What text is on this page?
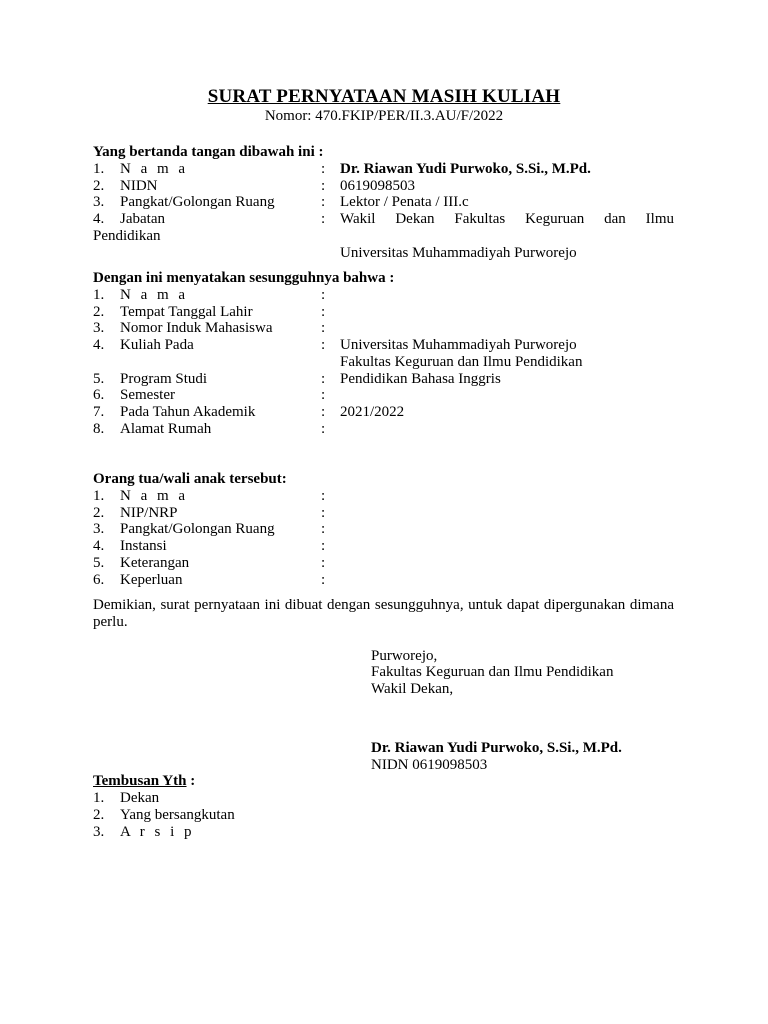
SURAT PERNYATAAN MASIH KULIAH
Nomor: 470.FKIP/PER/II.3.AU/F/2022
Yang bertanda tangan dibawah ini :
1. N a m a	: Dr. Riawan Yudi Purwoko, S.Si., M.Pd.
2. NIDN	: 0619098503
3. Pangkat/Golongan Ruang	: Lektor / Penata / III.c
4. Jabatan	: Wakil Dekan Fakultas Keguruan dan Ilmu
Pendidikan
Universitas Muhammadiyah Purworejo
Dengan ini menyatakan sesungguhnya bahwa :
1. N a m a	:
2. Tempat Tanggal Lahir	:
3. Nomor Induk Mahasiswa	:
4. Kuliah Pada	: Universitas Muhammadiyah Purworejo
Fakultas Keguruan dan Ilmu Pendidikan
5. Program Studi	: Pendidikan Bahasa Inggris
6. Semester	:
7. Pada Tahun Akademik	: 2021/2022
8. Alamat Rumah	:
Orang tua/wali anak tersebut:
1. N a m a	:
2. NIP/NRP	:
3. Pangkat/Golongan Ruang	:
4. Instansi	:
5. Keterangan	:
6. Keperluan	:
Demikian, surat pernyataan ini dibuat dengan sesungguhnya, untuk dapat dipergunakan dimana perlu.
Purworejo,
Fakultas Keguruan dan Ilmu Pendidikan
Wakil Dekan,
Dr. Riawan Yudi Purwoko, S.Si., M.Pd.
NIDN 0619098503
Tembusan Yth :
1. Dekan
2. Yang bersangkutan
3. A r s i p
